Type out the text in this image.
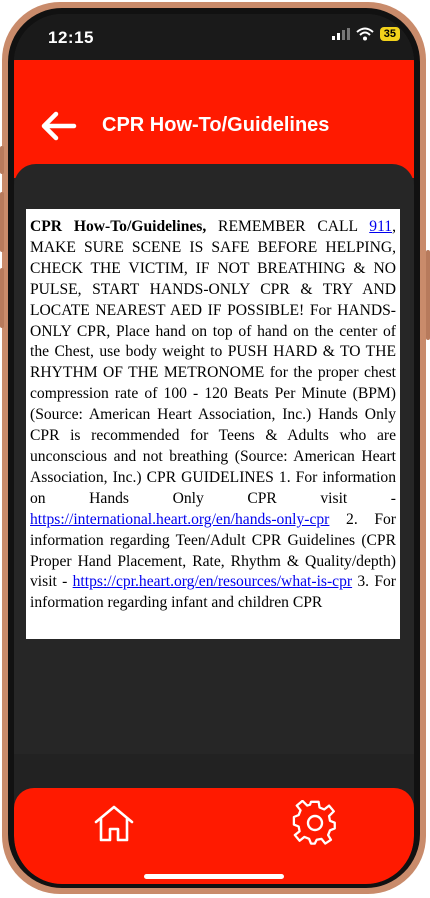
12:15	35
CPR How-To/Guidelines
CPR How-To/Guidelines, REMEMBER CALL 911, MAKE SURE SCENE IS SAFE BEFORE HELPING, CHECK THE VICTIM, IF NOT BREATHING & NO PULSE, START HANDS-ONLY CPR & TRY AND LOCATE NEAREST AED IF POSSIBLE! For HANDS-ONLY CPR, Place hand on top of hand on the center of the Chest, use body weight to PUSH HARD & TO THE RHYTHM OF THE METRONOME for the proper chest compression rate of 100 - 120 Beats Per Minute (BPM) (Source: American Heart Association, Inc.) Hands Only CPR is recommended for Teens & Adults who are unconscious and not breathing (Source: American Heart Association, Inc.) CPR GUIDELINES 1. For information on Hands Only CPR visit - https://international.heart.org/en/hands-only-cpr 2. For information regarding Teen/Adult CPR Guidelines (CPR Proper Hand Placement, Rate, Rhythm & Quality/depth) visit - https://cpr.heart.org/en/resources/what-is-cpr 3. For information regarding infant and children CPR
